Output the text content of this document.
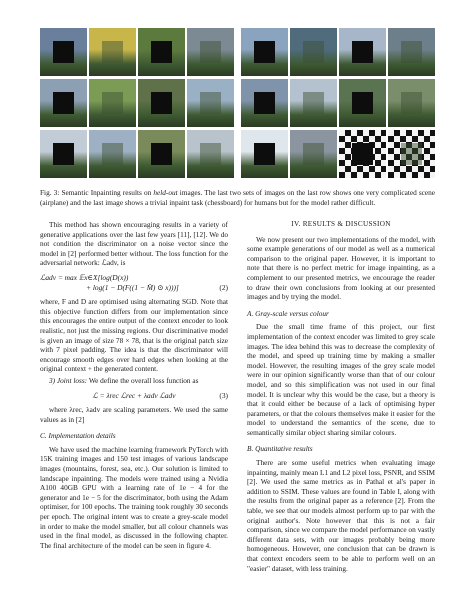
Fig. 3: Semantic Inpainting results on held-out images. The last two sets of images on the last row shows one very complicated scene (airplane) and the last image shows a trivial inpaint task (chessboard) for humans but for the model rather difficult.

This method has shown encouraging results in a variety of generative applications over the last few years [11], [12]. We do not condition the discriminator on a noise vector since the model in [2] performed better without. The loss function for the adversarial network: ℒadv, is

ℒadv = max 𝔼x∈X[log(D(x))
+ log(1 − D(F((1 − M̂) ⊙ x)))]	(2)

where, F and D are optimised using alternating SGD. Note that this objective function differs from our implementation since this encourages the entire output of the context encoder to look realistic, not just the missing regions. Our discriminative model is given an image of size 78 × 78, that is the original patch size with 7 pixel padding. The idea is that the discriminator will encourage smooth edges over hard edges when looking at the original context + the generated content.

3) Joint loss: We define the overall loss function as

ℒ = λrec ℒrec + λadv ℒadv	(3)

where λrec, λadv are scaling parameters. We used the same values as in [2]

C. Implementation details

We have used the machine learning framework PyTorch with 15K training images and 150 test images of various landscape images (mountains, forest, sea, etc.). Our solution is limited to landscape inpainting. The models were trained using a Nvidia A100 40GB GPU with a learning rate of 1e − 4 for the generator and 1e − 5 for the discriminator, both using the Adam optimiser, for 100 epochs. The training took roughly 30 seconds per epoch. The original intent was to create a grey-scale model in order to make the model smaller, but all colour channels was used in the final model, as discussed in the following chapter. The final architecture of the model can be seen in figure 4.

IV. RESULTS & DISCUSSION

We now present our two implementations of the model, with some example generations of our model as well as a numerical comparison to the original paper. However, it is important to note that there is no perfect metric for image inpainting, as a complement to our presented metrics, we encourage the reader to draw their own conclusions from looking at our presented images and by trying the model.

A. Gray-scale versus colour

Due the small time frame of this project, our first implementation of the context encoder was limited to grey scale images. The idea behind this was to decrease the complexity of the model, and speed up training time by making a smaller model. However, the resulting images of the grey scale model were in our opinion significantly worse than that of our colour model, and so this simplification was not used in our final model. It is unclear why this would be the case, but a theory is that it could either be because of a lack of optimising hyper parameters, or that the colours themselves make it easier for the model to understand the semantics of the scene, due to semantically similar object sharing similar colours.

B. Quantitative results

There are some useful metrics when evaluating image inpainting, mainly mean L1 and L2 pixel loss, PSNR, and SSIM [2]. We used the same metrics as in Pathal et al's paper in addition to SSIM. These values are found in Table I, along with the results from the original paper as a reference [2]. From the table, we see that our models almost perform up to par with the original author's. Note however that this is not a fair comparison, since we compare the model performance on vastly different data sets, with our images probably being more homogeneous. However, one conclusion that can be drawn is that context encoders seem to be able to perform well on an "easier" dataset, with less training.
